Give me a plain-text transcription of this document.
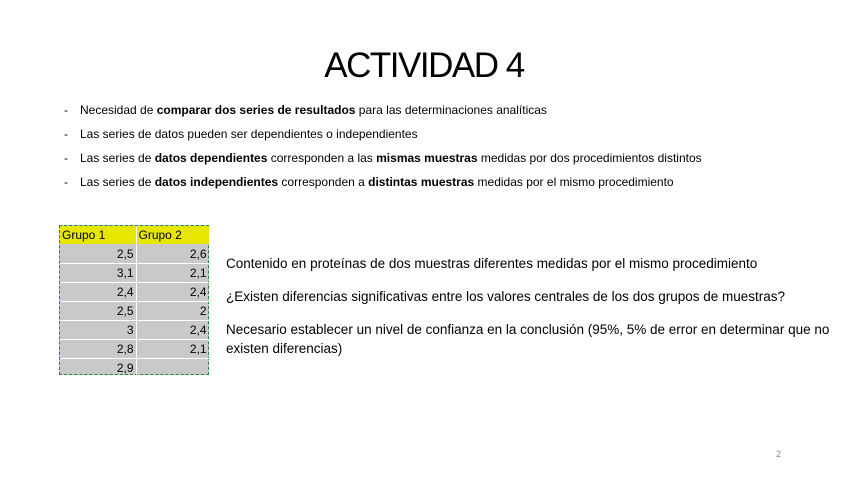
ACTIVIDAD 4
- Necesidad de comparar dos series de resultados para las determinaciones analíticas
- Las series de datos pueden ser dependientes o independientes
- Las series de datos dependientes corresponden a las mismas muestras medidas por dos procedimientos distintos
- Las series de datos independientes corresponden a distintas muestras medidas por el mismo procedimiento
Grupo 1	Grupo 2
2,5	2,6
3,1	2,1
2,4	2,4
2,5	2
3	2,4
2,8	2,1
2,9	

Contenido en proteínas de dos muestras diferentes medidas por el mismo procedimiento

¿Existen diferencias significativas entre los valores centrales de los dos grupos de muestras?

Necesario establecer un nivel de confianza en la conclusión (95%, 5% de error en determinar que no existen diferencias)

2
